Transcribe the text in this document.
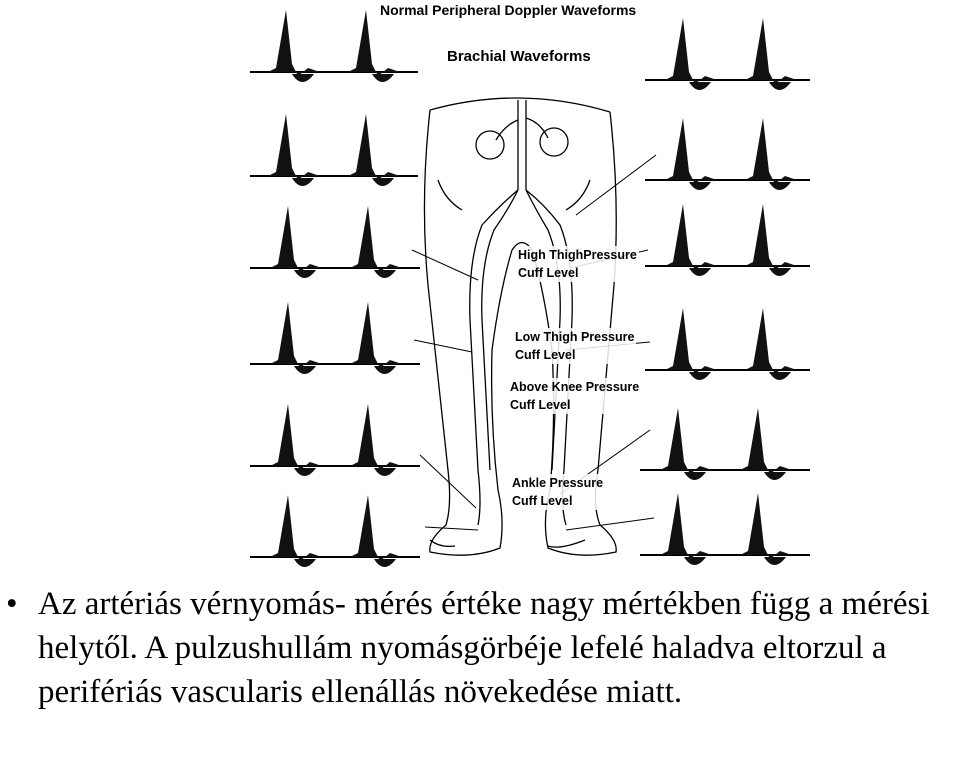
Normal Peripheral Doppler Waveforms
Brachial Waveforms
High ThighPressure
Cuff Level
Low Thigh Pressure
Cuff Level
Above Knee Pressure
Cuff Level
Ankle Pressure
Cuff Level
• Az artériás vérnyomás- mérés értéke nagy mértékben függ a mérési helytől. A pulzushullám nyomásgörbéje lefelé haladva eltorzul a perifériás vascularis ellenállás növekedése miatt.
